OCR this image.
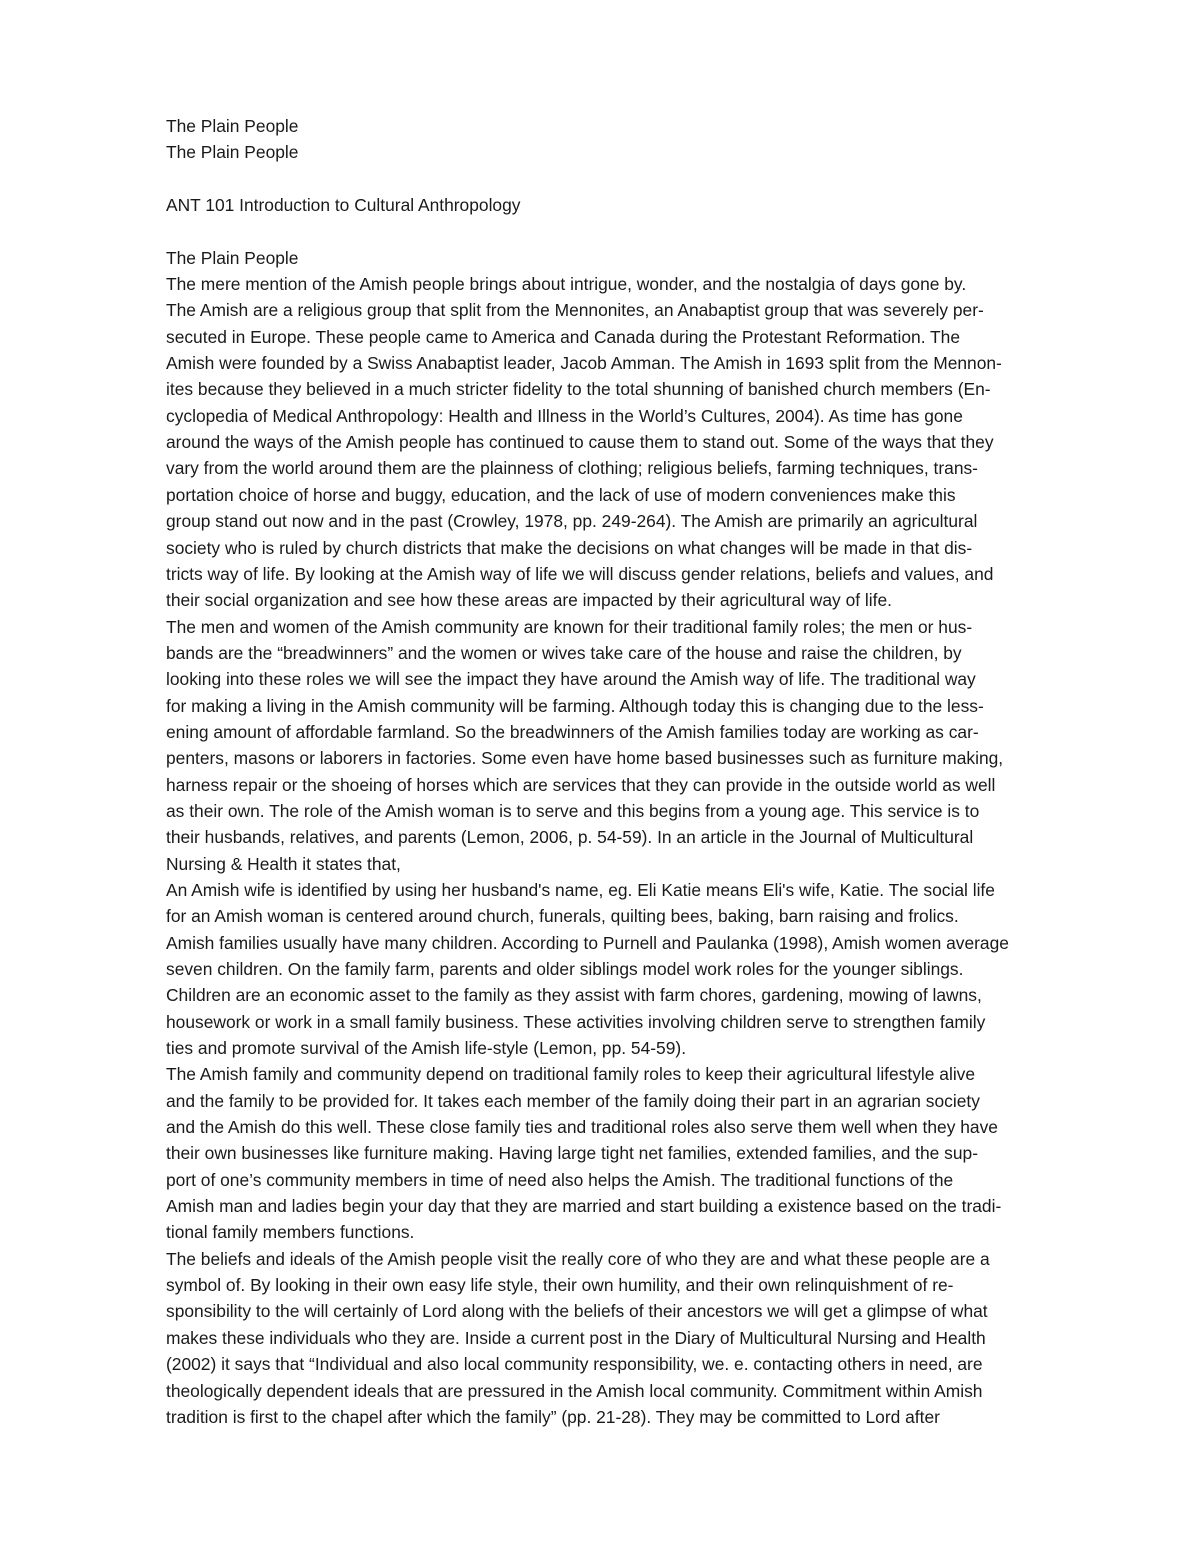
The Plain People
The Plain People
ANT 101 Introduction to Cultural Anthropology
The Plain People
The mere mention of the Amish people brings about intrigue, wonder, and the nostalgia of days gone by.
The Amish are a religious group that split from the Mennonites, an Anabaptist group that was severely per-
secuted in Europe. These people came to America and Canada during the Protestant Reformation. The
Amish were founded by a Swiss Anabaptist leader, Jacob Amman. The Amish in 1693 split from the Mennon-
ites because they believed in a much stricter fidelity to the total shunning of banished church members (En-
cyclopedia of Medical Anthropology: Health and Illness in the World’s Cultures, 2004). As time has gone
around the ways of the Amish people has continued to cause them to stand out. Some of the ways that they
vary from the world around them are the plainness of clothing; religious beliefs, farming techniques, trans-
portation choice of horse and buggy, education, and the lack of use of modern conveniences make this
group stand out now and in the past (Crowley, 1978, pp. 249-264). The Amish are primarily an agricultural
society who is ruled by church districts that make the decisions on what changes will be made in that dis-
tricts way of life. By looking at the Amish way of life we will discuss gender relations, beliefs and values, and
their social organization and see how these areas are impacted by their agricultural way of life.
The men and women of the Amish community are known for their traditional family roles; the men or hus-
bands are the “breadwinners” and the women or wives take care of the house and raise the children, by
looking into these roles we will see the impact they have around the Amish way of life. The traditional way
for making a living in the Amish community will be farming. Although today this is changing due to the less-
ening amount of affordable farmland. So the breadwinners of the Amish families today are working as car-
penters, masons or laborers in factories. Some even have home based businesses such as furniture making,
harness repair or the shoeing of horses which are services that they can provide in the outside world as well
as their own. The role of the Amish woman is to serve and this begins from a young age. This service is to
their husbands, relatives, and parents (Lemon, 2006, p. 54-59). In an article in the Journal of Multicultural
Nursing & Health it states that,
An Amish wife is identified by using her husband's name, eg. Eli Katie means Eli's wife, Katie. The social life
for an Amish woman is centered around church, funerals, quilting bees, baking, barn raising and frolics.
Amish families usually have many children. According to Purnell and Paulanka (1998), Amish women average
seven children. On the family farm, parents and older siblings model work roles for the younger siblings.
Children are an economic asset to the family as they assist with farm chores, gardening, mowing of lawns,
housework or work in a small family business. These activities involving children serve to strengthen family
ties and promote survival of the Amish life-style (Lemon, pp. 54-59).
The Amish family and community depend on traditional family roles to keep their agricultural lifestyle alive
and the family to be provided for. It takes each member of the family doing their part in an agrarian society
and the Amish do this well. These close family ties and traditional roles also serve them well when they have
their own businesses like furniture making. Having large tight net families, extended families, and the sup-
port of one’s community members in time of need also helps the Amish. The traditional functions of the
Amish man and ladies begin your day that they are married and start building a existence based on the tradi-
tional family members functions.
The beliefs and ideals of the Amish people visit the really core of who they are and what these people are a
symbol of. By looking in their own easy life style, their own humility, and their own relinquishment of re-
sponsibility to the will certainly of Lord along with the beliefs of their ancestors we will get a glimpse of what
makes these individuals who they are. Inside a current post in the Diary of Multicultural Nursing and Health
(2002) it says that “Individual and also local community responsibility, we. e. contacting others in need, are
theologically dependent ideals that are pressured in the Amish local community. Commitment within Amish
tradition is first to the chapel after which the family” (pp. 21-28). They may be committed to Lord after
